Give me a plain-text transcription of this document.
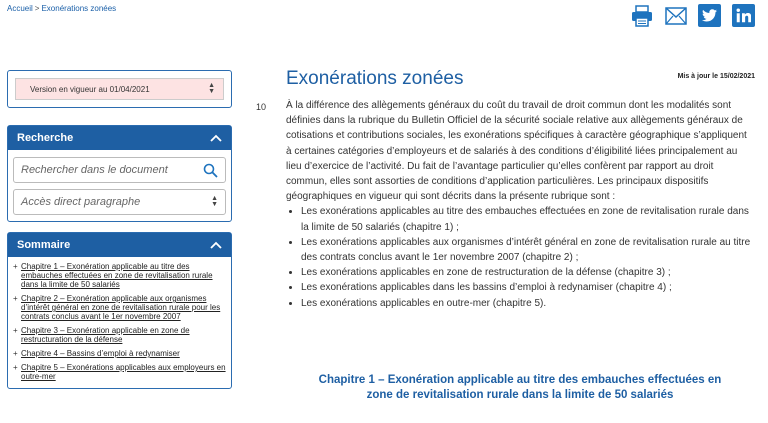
Accueil > Exonérations zonées
Version en vigueur au 01/04/2021	▲
▼
Recherche
Rechercher dans le document
Accès direct paragraphe	▲
▼
Sommaire
+ Chapitre 1 – Exonération applicable au titre des embauches effectuées en zone de revitalisation rurale dans la limite de 50 salariés
+ Chapitre 2 – Exonération applicable aux organismes d’intérêt général en zone de revitalisation rurale pour les contrats conclus avant le 1er novembre 2007
+ Chapitre 3 – Exonération applicable en zone de restructuration de la défense
+ Chapitre 4 – Bassins d’emploi à redynamiser
+ Chapitre 5 – Exonérations applicables aux employeurs en outre-mer
Exonérations zonées	Mis à jour le 15/02/2021
10 À la différence des allègements généraux du coût du travail de droit commun dont les modalités sont définies dans la rubrique du Bulletin Officiel de la sécurité sociale relative aux allègements généraux de cotisations et contributions sociales, les exonérations spécifiques à caractère géographique s’appliquent à certaines catégories d’employeurs et de salariés à des conditions d’éligibilité liées principalement au lieu d’exercice de l’activité. Du fait de l’avantage particulier qu’elles confèrent par rapport au droit commun, elles sont assorties de conditions d’application particulières. Les principaux dispositifs géographiques en vigueur qui sont décrits dans la présente rubrique sont :

• Les exonérations applicables au titre des embauches effectuées en zone de revitalisation rurale dans la limite de 50 salariés (chapitre 1) ;
• Les exonérations applicables aux organismes d’intérêt général en zone de revitalisation rurale au titre des contrats conclus avant le 1er novembre 2007 (chapitre 2) ;
• Les exonérations applicables en zone de restructuration de la défense (chapitre 3) ;
• Les exonérations applicables dans les bassins d’emploi à redynamiser (chapitre 4) ;
• Les exonérations applicables en outre-mer (chapitre 5).
Chapitre 1 – Exonération applicable au titre des embauches effectuées en zone de revitalisation rurale dans la limite de 50 salariés
